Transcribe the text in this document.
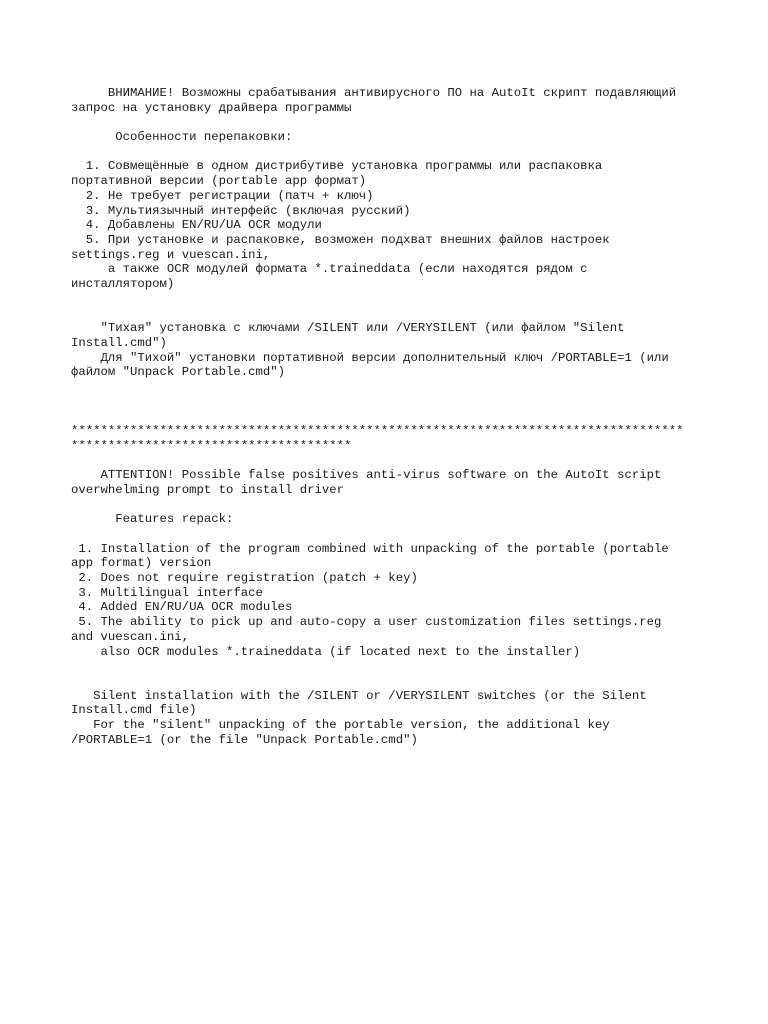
ВНИМАНИЕ! Возможны срабатывания антивирусного ПО на AutoIt скрипт подавляющий
запрос на установку драйвера программы
Особенности перепаковки:
1. Совмещённые в одном дистрибутиве установка программы или распаковка
портативной версии (portable app формат)
2. Не требует регистрации (патч + ключ)
3. Мультиязычный интерфейс (включая русский)
4. Добавлены EN/RU/UA OCR модули
5. При установке и распаковке, возможен подхват внешних файлов настроек
settings.reg и vuescan.ini,
а также OCR модулей формата *.traineddata (если находятся рядом с
инсталлятором)
"Тихая" установка с ключами /SILENT или /VERYSILENT (или файлом "Silent
Install.cmd")
Для "Тихой" установки портативной версии дополнительный ключ /PORTABLE=1 (или
файлом "Unpack Portable.cmd")
***********************************************************************************
**************************************
ATTENTION! Possible false positives anti-virus software on the AutoIt script
overwhelming prompt to install driver
Features repack:
1. Installation of the program combined with unpacking of the portable (portable
app format) version
2. Does not require registration (patch + key)
3. Multilingual interface
4. Added EN/RU/UA OCR modules
5. The ability to pick up and auto-copy a user customization files settings.reg
and vuescan.ini,
also OCR modules *.traineddata (if located next to the installer)
Silent installation with the /SILENT or /VERYSILENT switches (or the Silent
Install.cmd file)
For the "silent" unpacking of the portable version, the additional key
/PORTABLE=1 (or the file "Unpack Portable.cmd")
